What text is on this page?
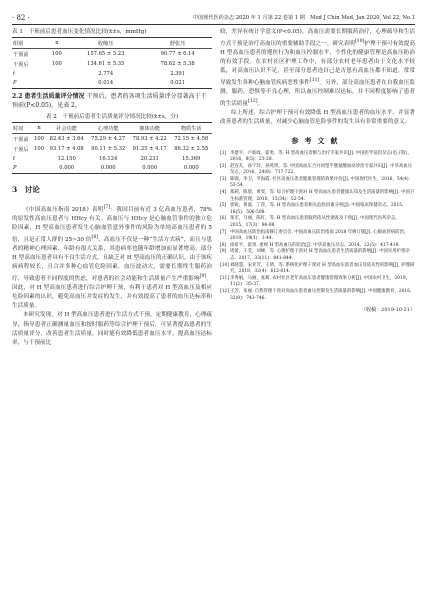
· 82 ·	中国现代医药杂志 2020 年 1 月第 22 卷第 1 期　Mod J Chin Med, Jan 2020, Vol 22, No.1
表 1　干预前后患者血压变化情况比较(x̄±s，mmHg)
组别	n	收缩压	舒张压
干预前	100	157.65 ± 5.23	90.77 ± 6.14
干预后	100	134.61 ± 5.35	78.62 ± 5.38
t		2.774	2.391
P		0.014	0.021
2.2 患者生活质量评分情况 干预后，患者的各项生活质量评分显著高于干预前(P<0.05)，见表 2。
表 2　干预前后患者生活质量评分情况比较(x̄±s，分)
时间	n	社会功能	心理功能	躯体功能	物质生活
干预前	100	82.43 ± 3.64	75.29 ± 4.27	78.93 ± 4.22	72.15 ± 4.58
干预后	100	93.17 ± 4.08	90.11 ± 5.32	91.25 ± 4.17	86.32 ± 2.55
t		12.150	16.124	20.231	15.369
P		0.000	0.000	0.000	0.000
3　讨论

《中国高血压指南 2018》表明[7]：我国目前有近 3 亿高血压患者，78% 的原发性高血压患者与 HHcy 有关。高血压与 HHcy 是心脑血管事件的独立危险因素，H 型高血压患者发生心脑血管意外事件的风险为单纯高血压患者的 5 倍，且是正常人群的 25~30 倍[8]。高血压不仅是一种“生活方式病”，而且与患者的精神心理因素、年龄有很大关系，其患病率也随年龄增加而显著增高。部分 H 型高血压患者具有不良生活方式，且缺乏对 H 型高血压的正确认识，由于该疾病病程较长，且合并多种心血管危险因素，血压波动大，需要长期终生服药治疗，导致患者不同程度的焦虑，对患者的社会功能和生活质量产生严重影响[9]。因此，对 H 型高血压患者进行综合护理干预，有利于患者对 H 型高血压及相应危险因素的认识，避免高血压并发症的发生，并有效提高了患者的血压达标率和生活质量。

本研究发现，对 H 型高血压患者进行生活方式干预，定期健康教育，心理疏导，指导患者正确测量血压和按时服药等综合护理干预后，可显著提高患者的生活质量评分，改善患者生活质量，同时能有效降低患者血压水平，提高血压达标率，与干预前比

较，差异有统计学意义(P<0.05)。高血压需要长期服药治疗，心理疏导和生活方式干预是治疗高血压的重要辅助手段之一。研究表明[10]护理干预可有效提高 H 型高血压患者的遵医行为和血压控制水平，个性化的健康管理是高血压防治的有效手段。在农村社区护理工作中，有部分农村老年患者由于文化水平较低，对高血压认识不足，甚至部分患者连自己是否患有高血压都不知道，常常导致发生各种心脑血管疾病恶性事件[11]。另外，部分高血压患者在自我血压监测、服药、恐惧等不良心理，所以血压控制难以达标，并不同程度影响了患者的生活质量[12]。

综上所述，综合护理干预可有效降低 H 型高血压患者的血压水平，并显著改善患者的生活质量，对减少心脑血管危险事件的发生具有非常重要的意义。

参考文献
[1] 李建平，卢新政，霍勇，等. H 型高血压诊断与治疗专家共识[J]. 中国医学前沿杂志(电子版)，2016，8(5)：23-28.
[2] 赵连友，孙宁玲，孙英贤，等. 中国高血压合并同型半胱氨酸血症诊治专家共识[J]. 中华高血压杂志，2016，24(8)：717-722.
[3] 陈锦，李卫，罗海霞. 社区高血压患者健康管理的效果评价[J]. 中国现代医生，2016，54(4)：53-54.
[4] 郑莉，陈晨，黄雯，等. 综合护理干预对 H 型高血压患者健康认知及生活质量的影响[J]. 中国卫生标准管理，2016，15(34)：52-54.
[5] 郭锐，黄波，丁萍，等. H 型高血压患者相关危险因素分析[J]. 中国临床保健杂志，2015，18(5)：506-508.
[6] 张军，马丽，陈红，等. H 型高血压患者服药依从性调查及干预[J]. 中国现代医药杂志，2015，17(3)：86-88.
[7] 中国高血压防治指南修订委员会. 中国高血压防治指南 2018 年修订版[J]. 心脑血管病防治，2019，19(1)：1-44.
[8] 徐希平，霍勇. 重视 H 型高血压的防治[J]. 中华高血压杂志，2014，22(5)：417-419.
[9] 周蕾，王莹，刘峰，等. 心理护理干预对 H 型高血压患者生活质量的影响[J]. 中国实用护理杂志，2017，33(11)：841-844.
[10] 刘晓慧，宋亚芳，王倩，等. 系统化护理干预对 H 型高血压患者血压及依从性的影响[J]. 护理研究，2018，32(4)：612-614.
[11] 李秀娟，马丽，张莉. 农村社区老年高血压患者健康管理效果分析[J]. 中国农村卫生，2019，11(2)：35-37.
[12] 王芳，朱丽. 自我管理干预对高血压患者血压控制及生活质量的影响[J]. 中国健康教育，2016，32(8)：743-746.
（收稿：2019-10-21）
